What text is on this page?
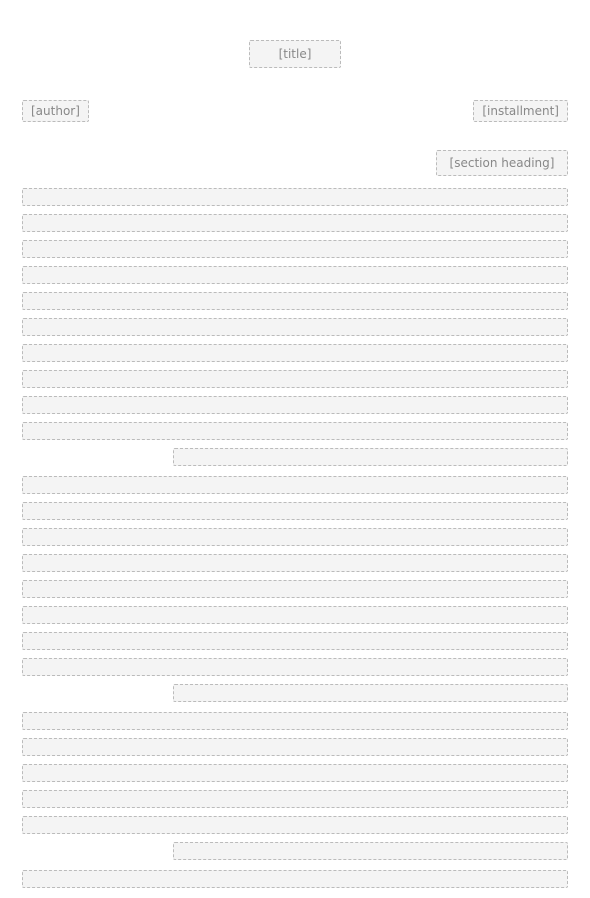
[title]
[author]	[installment]
[section heading]
